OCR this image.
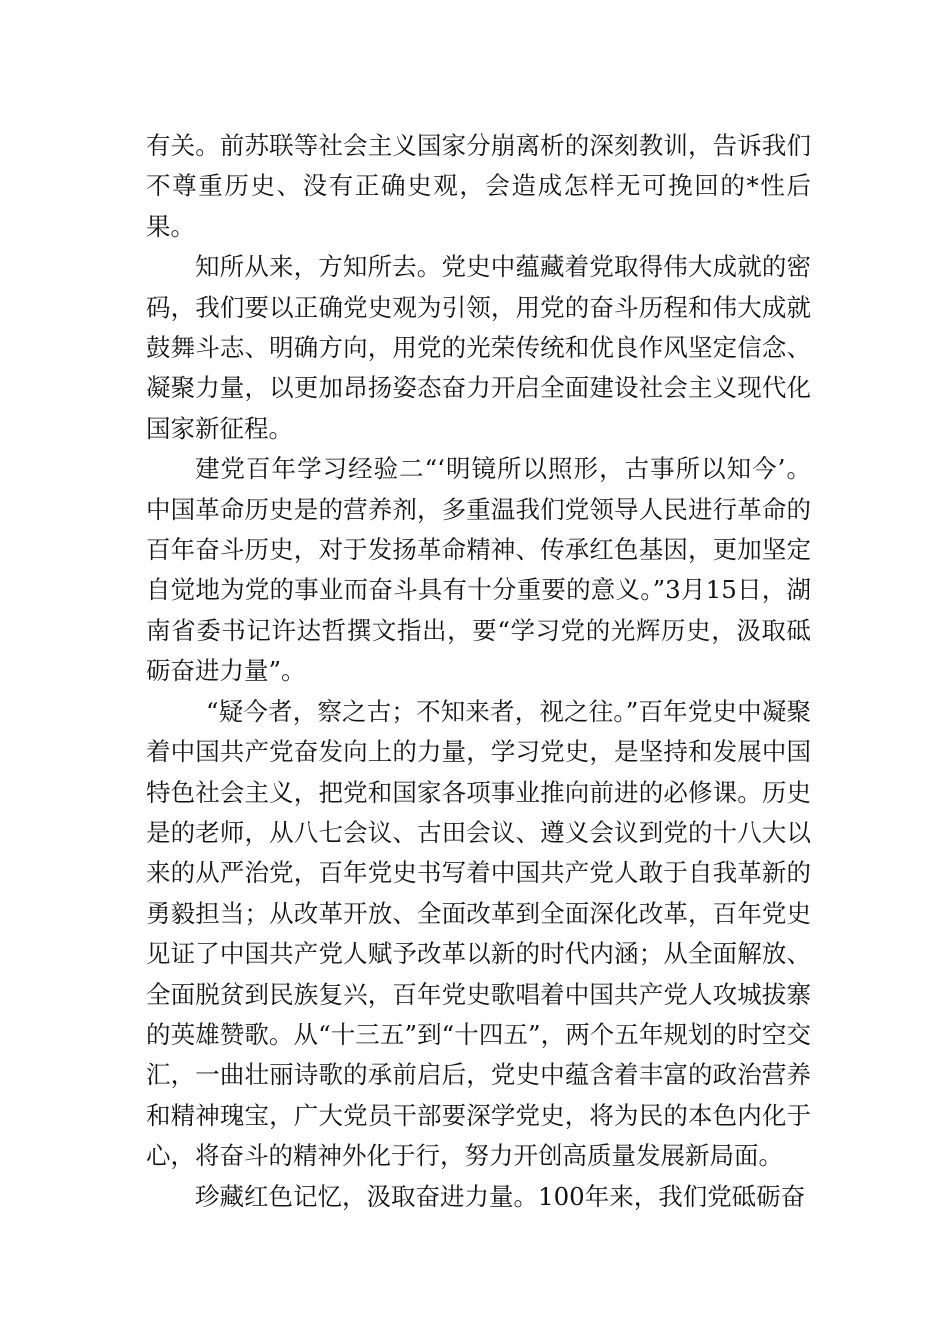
有关。前苏联等社会主义国家分崩离析的深刻教训，告诉我们不尊重历史、没有正确史观，会造成怎样无可挽回的*性后果。

知所从来，方知所去。党史中蕴藏着党取得伟大成就的密码，我们要以正确党史观为引领，用党的奋斗历程和伟大成就鼓舞斗志、明确方向，用党的光荣传统和优良作风坚定信念、凝聚力量，以更加昂扬姿态奋力开启全面建设社会主义现代化国家新征程。

建党百年学习经验二“‘明镜所以照形，古事所以知今’。中国革命历史是的营养剂，多重温我们党领导人民进行革命的百年奋斗历史，对于发扬革命精神、传承红色基因，更加坚定自觉地为党的事业而奋斗具有十分重要的意义。”3月15日，湖南省委书记许达哲撰文指出，要“学习党的光辉历史，汲取砥砺奋进力量”。

“疑今者，察之古；不知来者，视之往。”百年党史中凝聚着中国共产党奋发向上的力量，学习党史，是坚持和发展中国特色社会主义，把党和国家各项事业推向前进的必修课。历史是的老师，从八七会议、古田会议、遵义会议到党的十八大以来的从严治党，百年党史书写着中国共产党人敢于自我革新的勇毅担当；从改革开放、全面改革到全面深化改革，百年党史见证了中国共产党人赋予改革以新的时代内涵；从全面解放、全面脱贫到民族复兴，百年党史歌唱着中国共产党人攻城拔寨的英雄赞歌。从“十三五”到“十四五”，两个五年规划的时空交汇，一曲壮丽诗歌的承前启后，党史中蕴含着丰富的政治营养和精神瑰宝，广大党员干部要深学党史，将为民的本色内化于心，将奋斗的精神外化于行，努力开创高质量发展新局面。

珍藏红色记忆，汲取奋进力量。100年来，我们党砥砺奋
